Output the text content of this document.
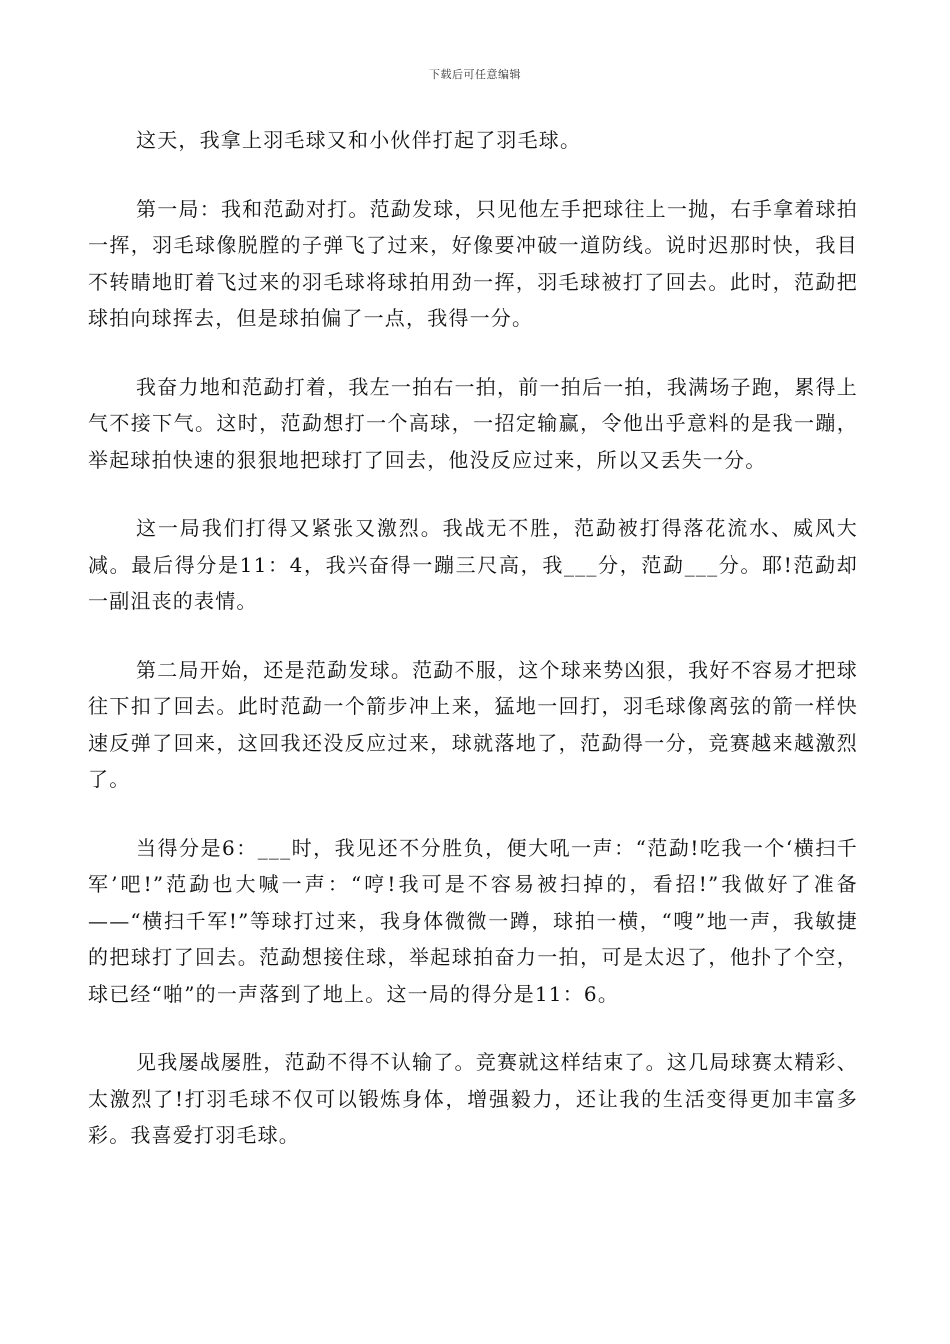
下载后可任意编辑

这天，我拿上羽毛球又和小伙伴打起了羽毛球。

第一局：我和范勐对打。范勐发球，只见他左手把球往上一抛，右手拿着球拍一挥，羽毛球像脱膛的子弹飞了过来，好像要冲破一道防线。说时迟那时快，我目不转睛地盯着飞过来的羽毛球将球拍用劲一挥，羽毛球被打了回去。此时，范勐把球拍向球挥去，但是球拍偏了一点，我得一分。

我奋力地和范勐打着，我左一拍右一拍，前一拍后一拍，我满场子跑，累得上气不接下气。这时，范勐想打一个高球，一招定输赢，令他出乎意料的是我一蹦，举起球拍快速的狠狠地把球打了回去，他没反应过来，所以又丢失一分。

这一局我们打得又紧张又激烈。我战无不胜，范勐被打得落花流水、威风大减。最后得分是11：4，我兴奋得一蹦三尺高，我___分，范勐___分。耶!范勐却一副沮丧的表情。

第二局开始，还是范勐发球。范勐不服，这个球来势凶狠，我好不容易才把球往下扣了回去。此时范勐一个箭步冲上来，猛地一回打，羽毛球像离弦的箭一样快速反弹了回来，这回我还没反应过来，球就落地了，范勐得一分，竞赛越来越激烈了。

当得分是6：___时，我见还不分胜负，便大吼一声：“范勐!吃我一个‘横扫千军’吧!”范勐也大喊一声：“哼!我可是不容易被扫掉的，看招!”我做好了准备——“横扫千军!”等球打过来，我身体微微一蹲，球拍一横，“嗖”地一声，我敏捷的把球打了回去。范勐想接住球，举起球拍奋力一拍，可是太迟了，他扑了个空，球已经“啪”的一声落到了地上。这一局的得分是11：6。

见我屡战屡胜，范勐不得不认输了。竞赛就这样结束了。这几局球赛太精彩、太激烈了!打羽毛球不仅可以锻炼身体，增强毅力，还让我的生活变得更加丰富多彩。我喜爱打羽毛球。
